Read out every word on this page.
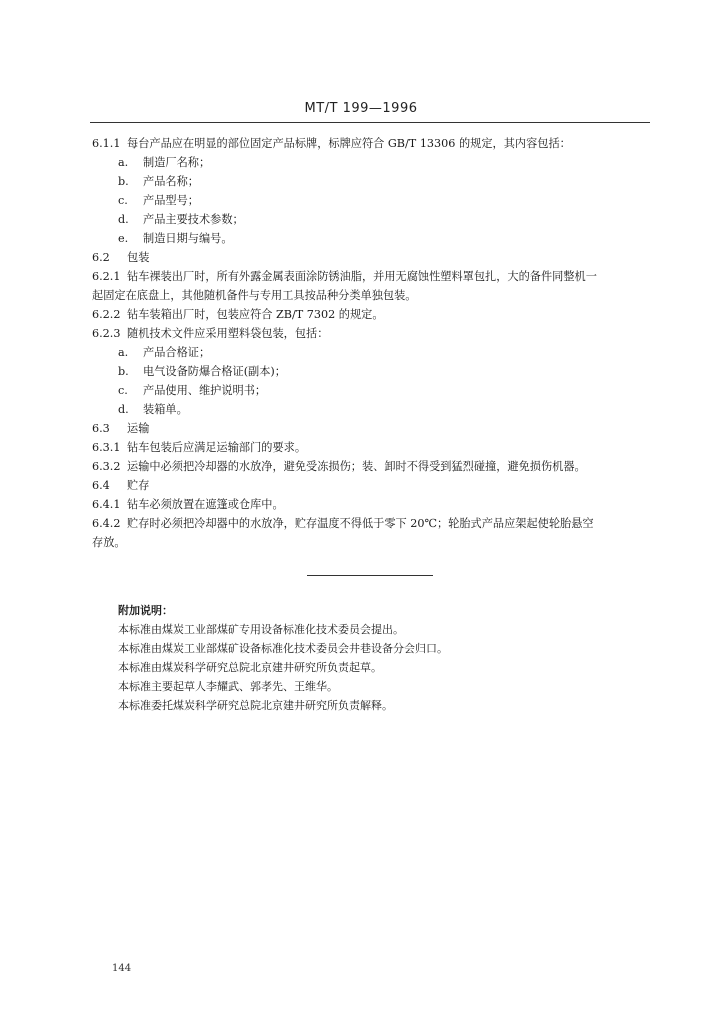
MT/T 199—1996
6.1.1 每台产品应在明显的部位固定产品标牌，标牌应符合 GB/T 13306 的规定，其内容包括：
a. 制造厂名称；
b. 产品名称；
c. 产品型号；
d. 产品主要技术参数；
e. 制造日期与编号。
6.2 包装
6.2.1 钻车裸装出厂时，所有外露金属表面涂防锈油脂，并用无腐蚀性塑料罩包扎，大的备件同整机一
起固定在底盘上，其他随机备件与专用工具按品种分类单独包装。
6.2.2 钻车装箱出厂时，包装应符合 ZB/T 7302 的规定。
6.2.3 随机技术文件应采用塑料袋包装，包括：
a. 产品合格证；
b. 电气设备防爆合格证(副本)；
c. 产品使用、维护说明书；
d. 装箱单。
6.3 运输
6.3.1 钻车包装后应满足运输部门的要求。
6.3.2 运输中必须把冷却器的水放净，避免受冻损伤；装、卸时不得受到猛烈碰撞，避免损伤机器。
6.4 贮存
6.4.1 钻车必须放置在遮篷或仓库中。
6.4.2 贮存时必须把冷却器中的水放净，贮存温度不得低于零下 20℃；轮胎式产品应架起使轮胎悬空
存放。
附加说明：
本标准由煤炭工业部煤矿专用设备标准化技术委员会提出。
本标准由煤炭工业部煤矿设备标准化技术委员会井巷设备分会归口。
本标准由煤炭科学研究总院北京建井研究所负责起草。
本标准主要起草人李耀武、郭孝先、王维华。
本标准委托煤炭科学研究总院北京建井研究所负责解释。
144
